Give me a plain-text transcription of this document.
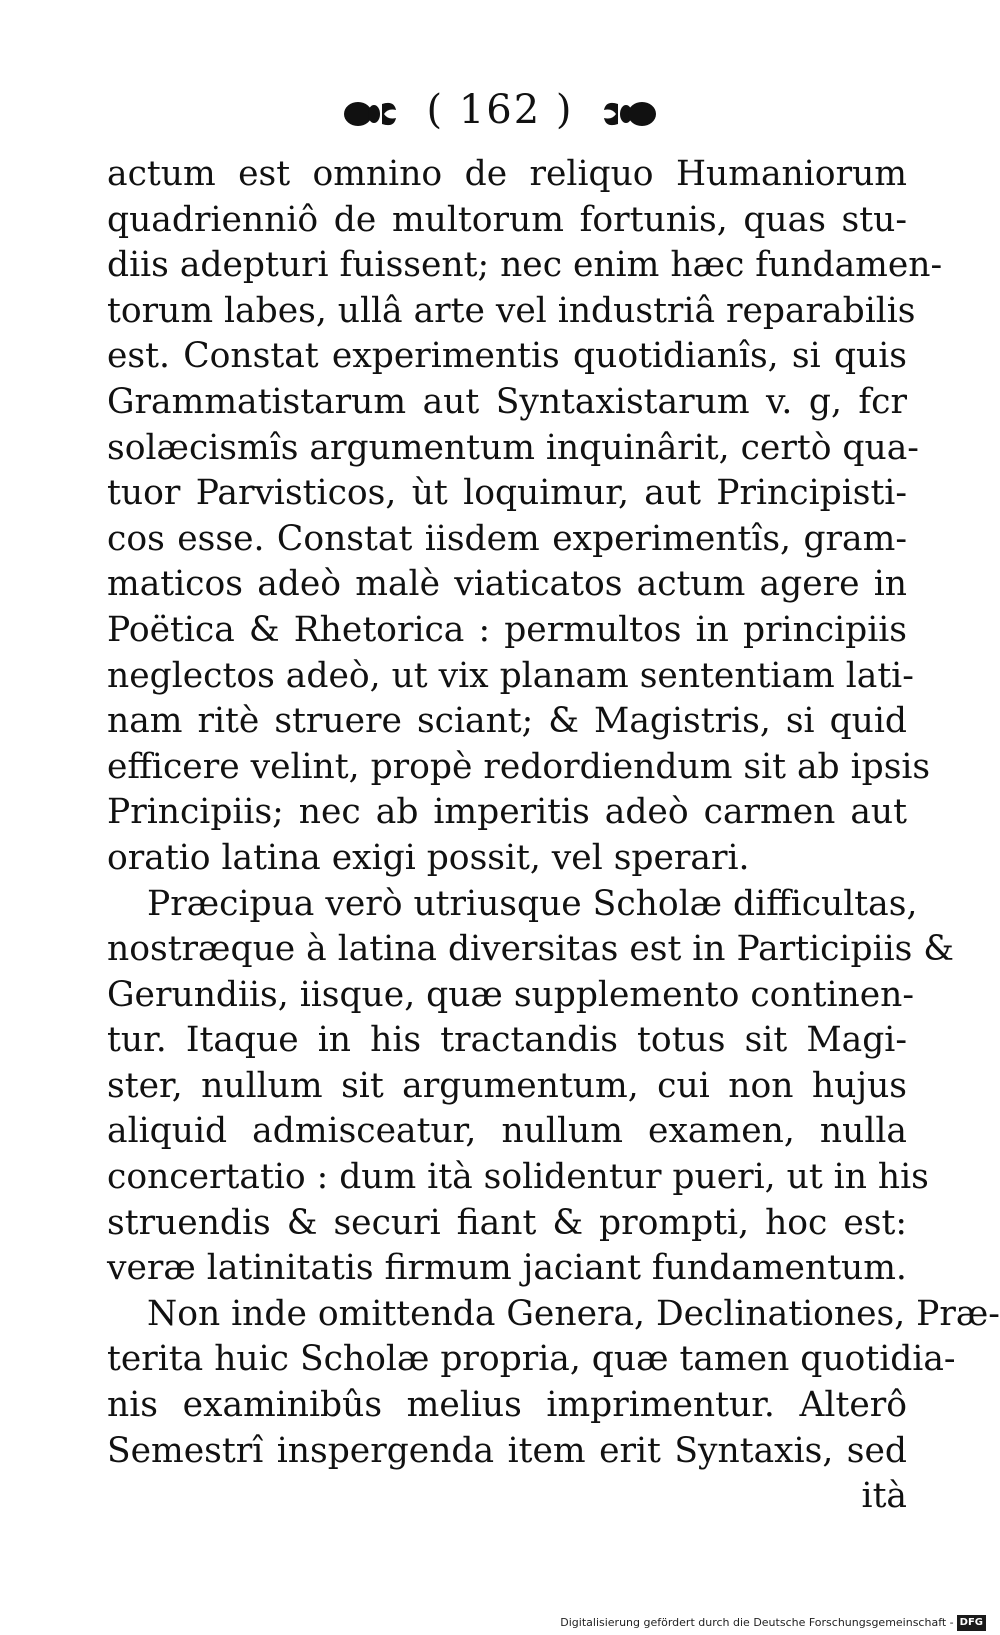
( 162 )
actum est omnino de reliquo Humaniorum
quadrienniô de multorum fortunis, quas stu-
diis adepturi fuissent; nec enim hæc fundamen-
torum labes, ullâ arte vel industriâ reparabilis
est. Constat experimentis quotidianîs, si quis
Grammatistarum aut Syntaxistarum v. g, fcr
solæcismîs argumentum inquinârit, certò qua-
tuor Parvisticos, ùt loquimur, aut Principisti-
cos esse. Constat iisdem experimentîs, gram-
maticos adeò malè viaticatos actum agere in
Poëtica & Rhetorica : permultos in principiis
neglectos adeò, ut vix planam sententiam lati-
nam ritè struere sciant; & Magistris, si quid
efficere velint, propè redordiendum sit ab ipsis
Principiis; nec ab imperitis adeò carmen aut
oratio latina exigi possit, vel sperari.
Præcipua verò utriusque Scholæ difficultas,
nostræque à latina diversitas est in Participiis &
Gerundiis, iisque, quæ supplemento continen-
tur. Itaque in his tractandis totus sit Magi-
ster, nullum sit argumentum, cui non hujus
aliquid admisceatur, nullum examen, nulla
concertatio : dum ità solidentur pueri, ut in his
struendis & securi fiant & prompti, hoc est:
veræ latinitatis firmum jaciant fundamentum.
Non inde omittenda Genera, Declinationes, Præ-
terita huic Scholæ propria, quæ tamen quotidia-
nis examinibûs melius imprimentur. Alterô
Semestrî inspergenda item erit Syntaxis, sed
ità
Digitalisierung gefördert durch die Deutsche Forschungsgemeinschaft - DFG
